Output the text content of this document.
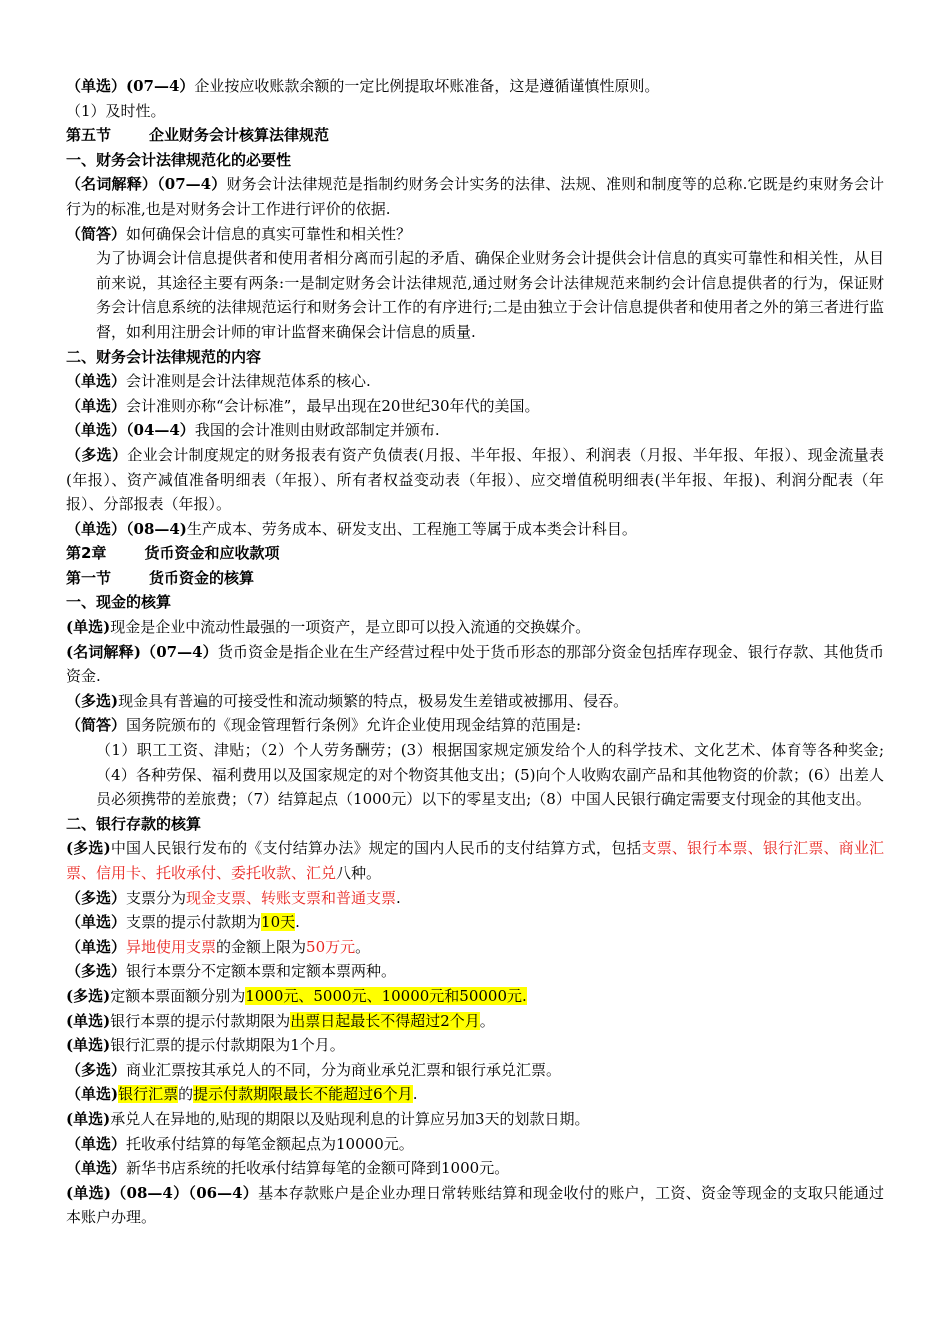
（单选）(07—4）企业按应收账款余额的一定比例提取坏账准备，这是遵循谨慎性原则。

（1）及时性。

第五节	企业财务会计核算法律规范

一、财务会计法律规范化的必要性

（名词解释）（07—4）财务会计法律规范是指制约财务会计实务的法律、法规、准则和制度等的总称.它既是约束财务会计行为的标准,也是对财务会计工作进行评价的依据.

（简答）如何确保会计信息的真实可靠性和相关性？

为了协调会计信息提供者和使用者相分离而引起的矛盾、确保企业财务会计提供会计信息的真实可靠性和相关性，从目前来说，其途径主要有两条:一是制定财务会计法律规范,通过财务会计法律规范来制约会计信息提供者的行为，保证财务会计信息系统的法律规范运行和财务会计工作的有序进行;二是由独立于会计信息提供者和使用者之外的第三者进行监督，如利用注册会计师的审计监督来确保会计信息的质量.

二、财务会计法律规范的内容

（单选）会计准则是会计法律规范体系的核心.

（单选）会计准则亦称“会计标准”，最早出现在20世纪30年代的美国。

（单选）（04—4）我国的会计准则由财政部制定并颁布.

（多选）企业会计制度规定的财务报表有资产负债表(月报、半年报、年报）、利润表（月报、半年报、年报）、现金流量表(年报）、资产减值准备明细表（年报）、所有者权益变动表（年报）、应交增值税明细表(半年报、年报)、利润分配表（年报）、分部报表（年报）。

（单选）（08—4)生产成本、劳务成本、研发支出、工程施工等属于成本类会计科目。

第2章	货币资金和应收款项

第一节	货币资金的核算

一、现金的核算

(单选)现金是企业中流动性最强的一项资产，是立即可以投入流通的交换媒介。

(名词解释)（07—4）货币资金是指企业在生产经营过程中处于货币形态的那部分资金包括库存现金、银行存款、其他货币资金.

（多选)现金具有普遍的可接受性和流动频繁的特点，极易发生差错或被挪用、侵吞。

（简答）国务院颁布的《现金管理暂行条例》允许企业使用现金结算的范围是:

（1）职工工资、津贴；（2）个人劳务酬劳；(3）根据国家规定颁发给个人的科学技术、文化艺术、体育等各种奖金;（4）各种劳保、福利费用以及国家规定的对个物资其他支出；(5)向个人收购农副产品和其他物资的价款；(6）出差人员必须携带的差旅费；（7）结算起点（1000元）以下的零星支出;（8）中国人民银行确定需要支付现金的其他支出。

二、银行存款的核算

(多选)中国人民银行发布的《支付结算办法》规定的国内人民币的支付结算方式，包括支票、银行本票、银行汇票、商业汇票、信用卡、托收承付、委托收款、汇兑八种。

（多选）支票分为现金支票、转账支票和普通支票.

（单选）支票的提示付款期为10天.

（单选）异地使用支票的金额上限为50万元。

（多选）银行本票分不定额本票和定额本票两种。

(多选)定额本票面额分别为1000元、5000元、10000元和50000元.

(单选)银行本票的提示付款期限为出票日起最长不得超过2个月。

(单选)银行汇票的提示付款期限为1个月。

（多选）商业汇票按其承兑人的不同，分为商业承兑汇票和银行承兑汇票。

（单选)银行汇票的提示付款期限最长不能超过6个月.

(单选)承兑人在异地的,贴现的期限以及贴现利息的计算应另加3天的划款日期。

（单选）托收承付结算的每笔金额起点为10000元。

（单选）新华书店系统的托收承付结算每笔的金额可降到1000元。

(单选)（08—4）（06—4）基本存款账户是企业办理日常转账结算和现金收付的账户，工资、资金等现金的支取只能通过本账户办理。
